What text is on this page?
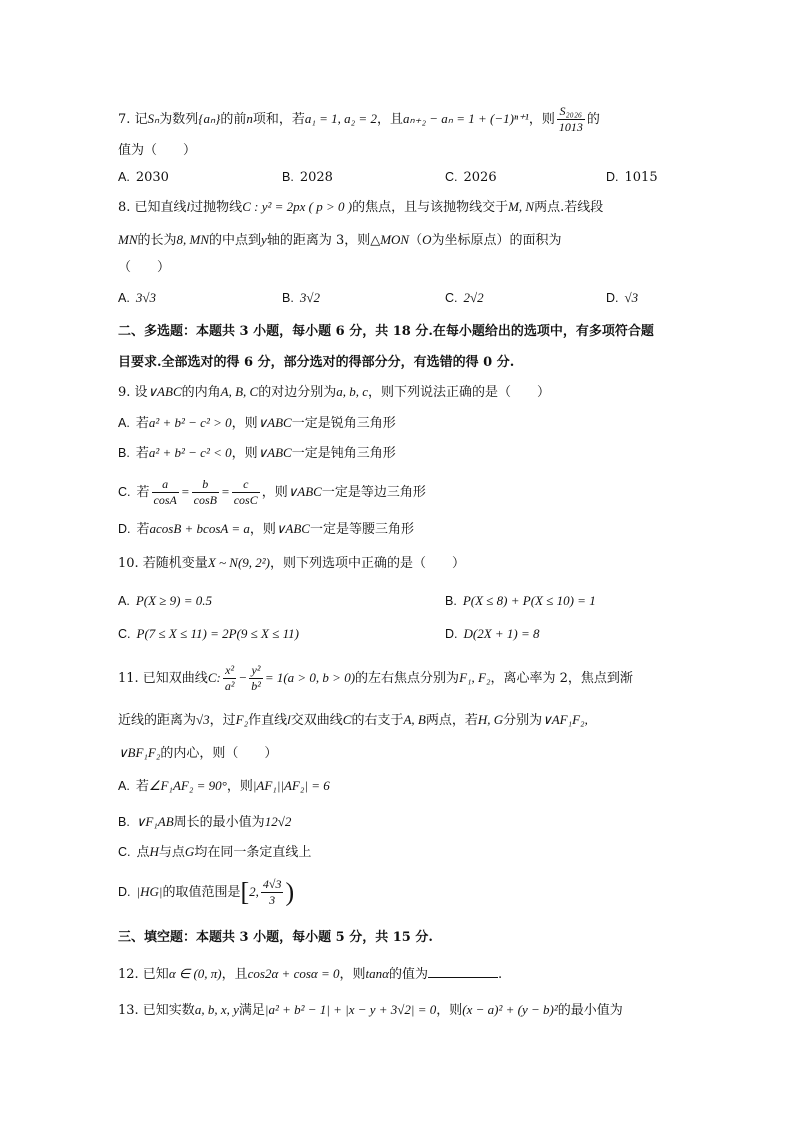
7. 记Sₙ为数列{aₙ}的前n项和，若a₁ = 1, a₂ = 2，且aₙ₊₂ − aₙ = 1 + (−1)ⁿ⁺¹，则 $\frac{\text{S₂₀₂₆}}{1013}$ 的
值为（　　）
A. 2030	B. 2028	C. 2026	D. 1015
8. 已知直线l过抛物线C : y² = 2px ( p > 0 )的焦点，且与该抛物线交于M, N两点.若线段
MN的长为8, MN的中点到y轴的距离为 3，则△MON（O为坐标原点）的面积为
（　　）
A. 3√3	B. 3√2	C. 2√2	D. √3
二、多选题：本题共 3 小题，每小题 6 分，共 18 分.在每小题给出的选项中，有多项符合题
目要求.全部选对的得 6 分，部分选对的得部分分，有选错的得 0 分.
9. 设∨ABC的内角A, B, C的对边分别为a, b, c，则下列说法正确的是（　　）
A. 若a² + b² − c² > 0，则∨ABC一定是锐角三角形
B. 若a² + b² − c² < 0，则∨ABC一定是钝角三角形
C. 若 $\frac{a}{\cos A} = \frac{b}{\cos B} = \frac{c}{\cos C}$ ，则∨ABC一定是等边三角形
D. 若acosB + bcosA = a，则∨ABC一定是等腰三角形
10. 若随机变量X ~ N(9, 2²)，则下列选项中正确的是（　　）
A. P(X ≥ 9) = 0.5	B. P(X ≤ 8) + P(X ≤ 10) = 1
C. P(7 ≤ X ≤ 11) = 2P(9 ≤ X ≤ 11)	D. D(2X + 1) = 8
11. 已知双曲线C: $\frac{\text{x²}}{\text{a²}} - \frac{\text{y²}}{\text{b²}} = 1(a > 0$, b > 0)的左右焦点分别为F₁, F₂，离心率为 2，焦点到渐
近线的距离为√3，过F₂作直线l交双曲线C的右支于A, B两点，若H, G分别为∨AF₁F₂,
∨BF₁F₂的内心，则（　　）
A. 若∠F₁AF₂ = 90°，则|AF₁||AF₂| = 6
B. ∨F₁AB周长的最小值为12√2
C. 点H与点G均在同一条定直线上
D. |HG|的取值范围是[2, $\frac{4√3}{3}$ )
三、填空题：本题共 3 小题，每小题 5 分，共 15 分.
12. 已知α ∈ (0, π)，且cos2α + cosα = 0，则tanα的值为	.
13. 已知实数a, b, x, y满足|a² + b² − 1| + |x − y + 3√2| = 0，则(x − a)² + (y − b)²的最小值为
